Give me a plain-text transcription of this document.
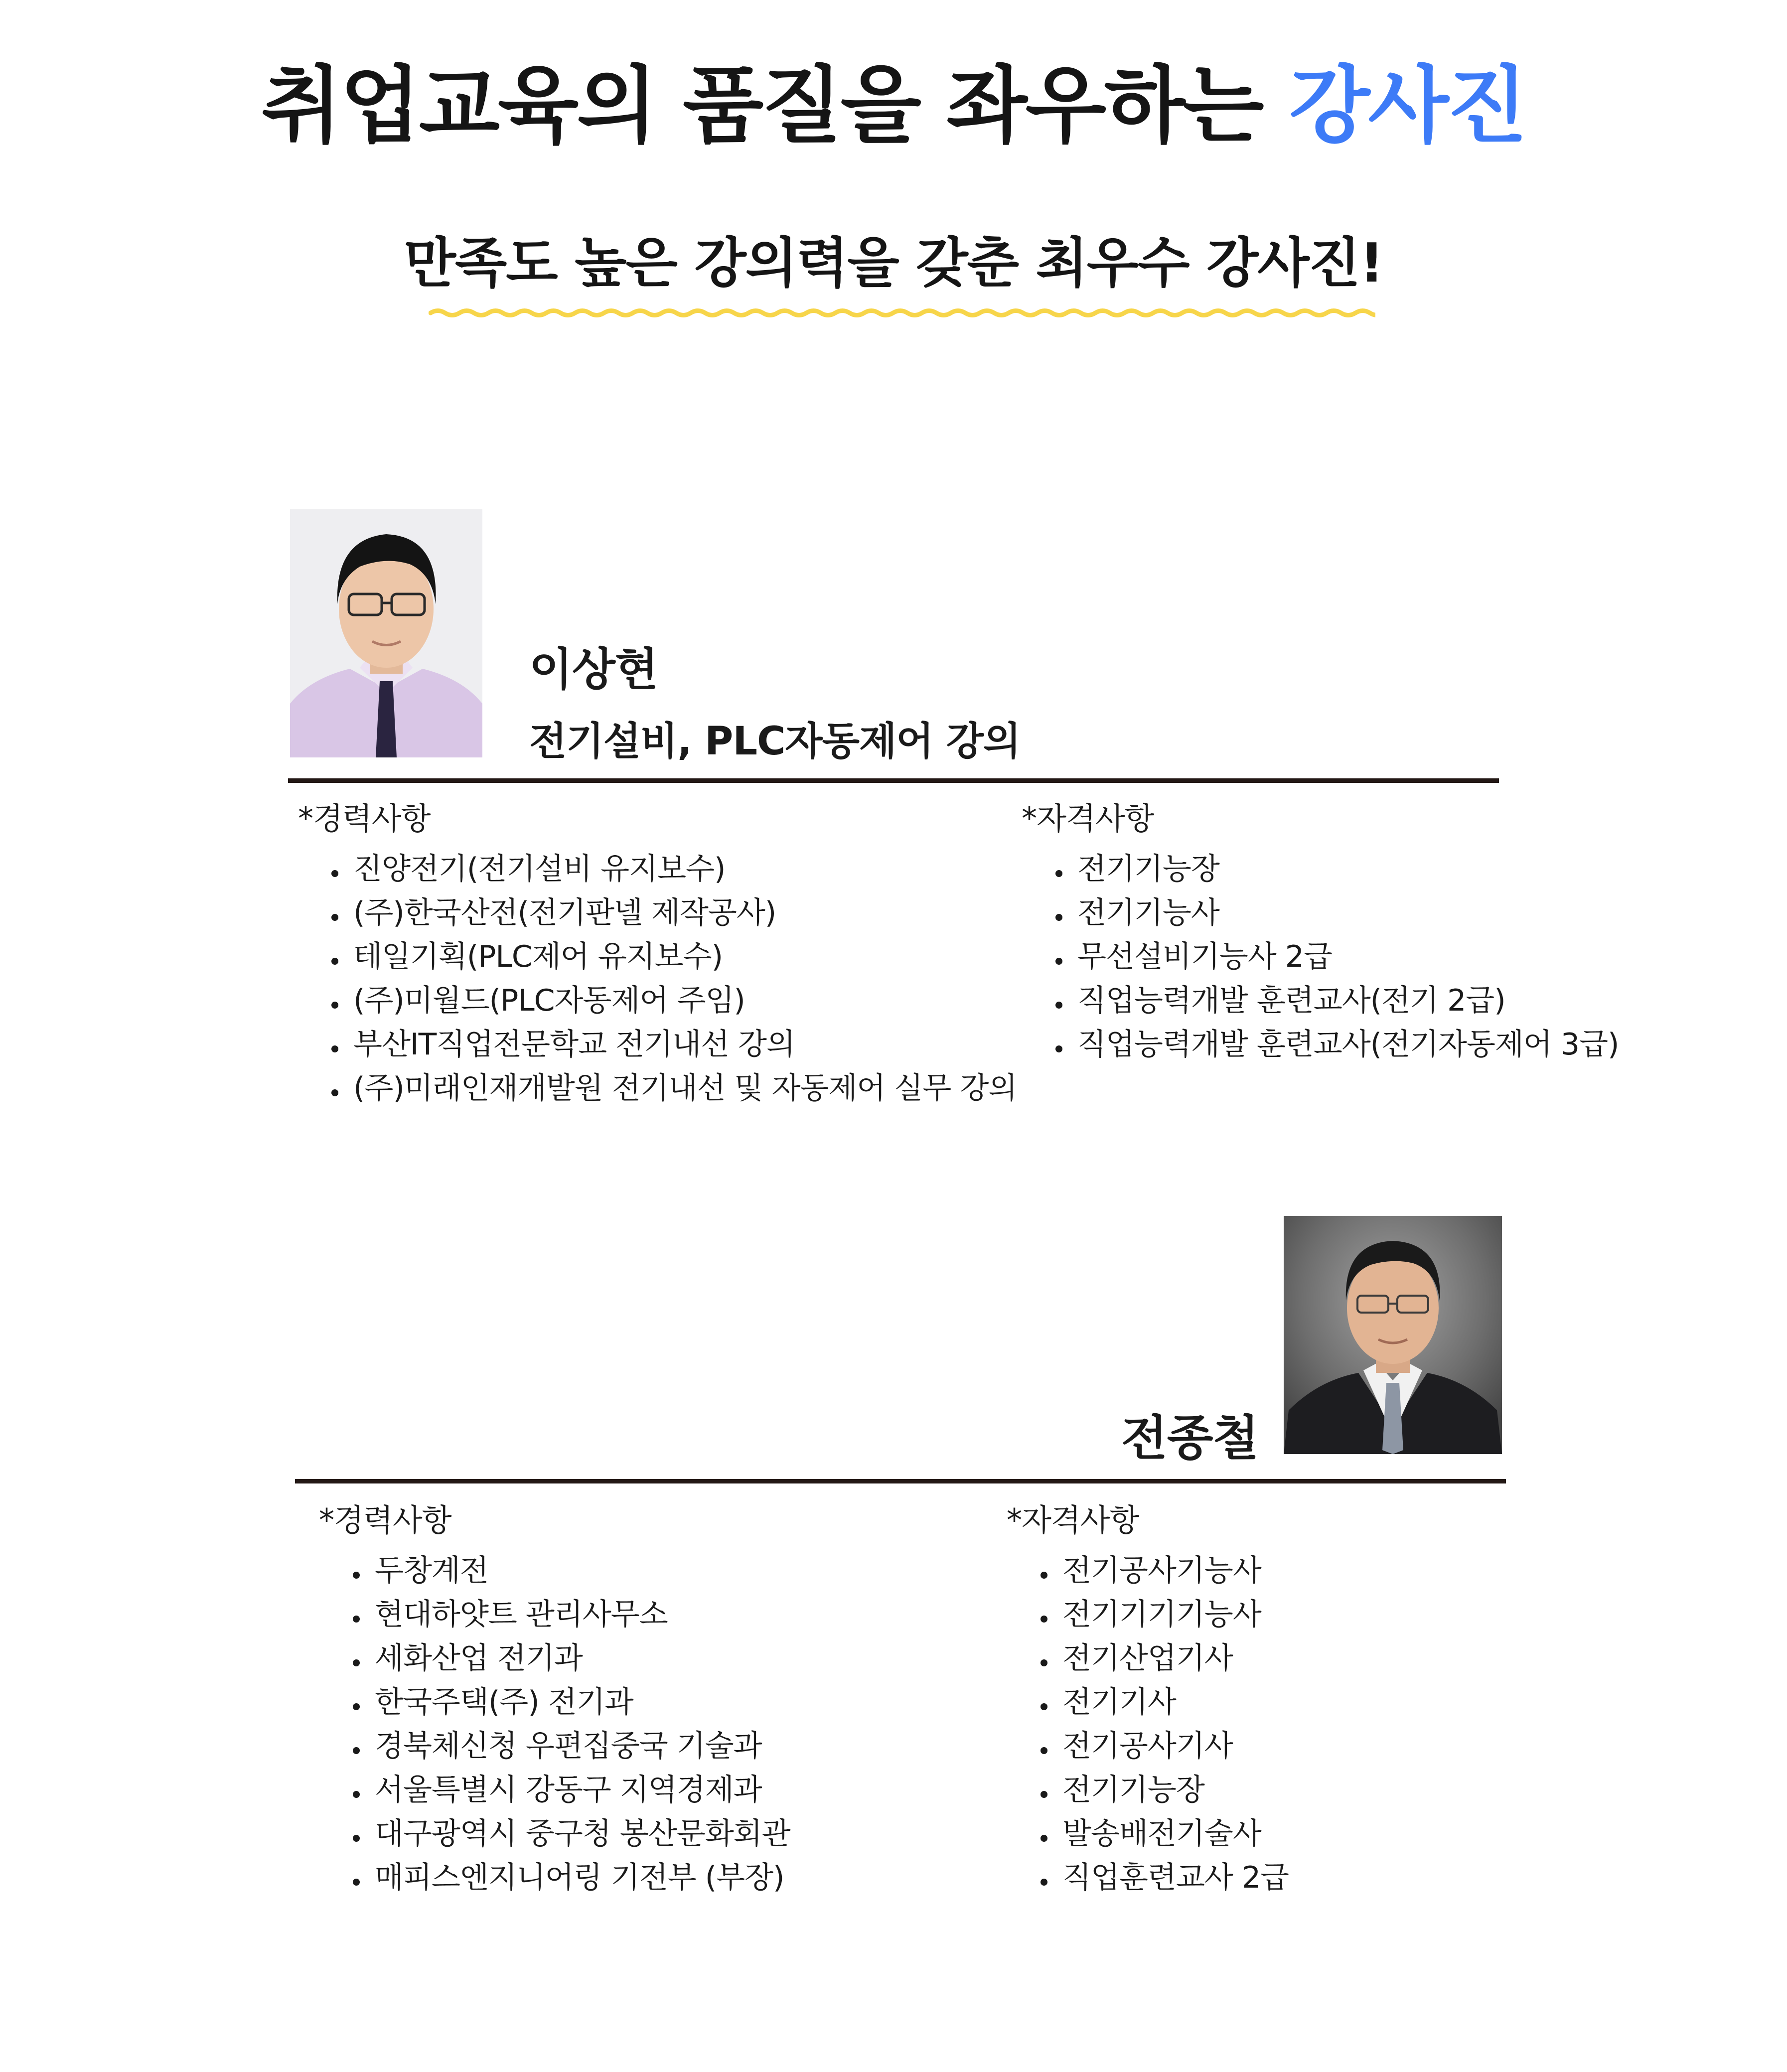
취업교육의 품질을 좌우하는 강사진
만족도 높은 강의력을 갖춘 최우수 강사진!
이상현
전기설비, PLC자동제어 강의
*경력사항
진양전기(전기설비 유지보수)
(주)한국산전(전기판넬 제작공사)
테일기획(PLC제어 유지보수)
(주)미월드(PLC자동제어 주임)
부산IT직업전문학교 전기내선 강의
(주)미래인재개발원 전기내선 및 자동제어 실무 강의
*자격사항
전기기능장
전기기능사
무선설비기능사 2급
직업능력개발 훈련교사(전기 2급)
직업능력개발 훈련교사(전기자동제어 3급)
전종철
*경력사항
두창계전
현대하얏트 관리사무소
세화산업 전기과
한국주택(주) 전기과
경북체신청 우편집중국 기술과
서울특별시 강동구 지역경제과
대구광역시 중구청 봉산문화회관
매피스엔지니어링 기전부 (부장)
*자격사항
전기공사기능사
전기기기기능사
전기산업기사
전기기사
전기공사기사
전기기능장
발송배전기술사
직업훈련교사 2급
